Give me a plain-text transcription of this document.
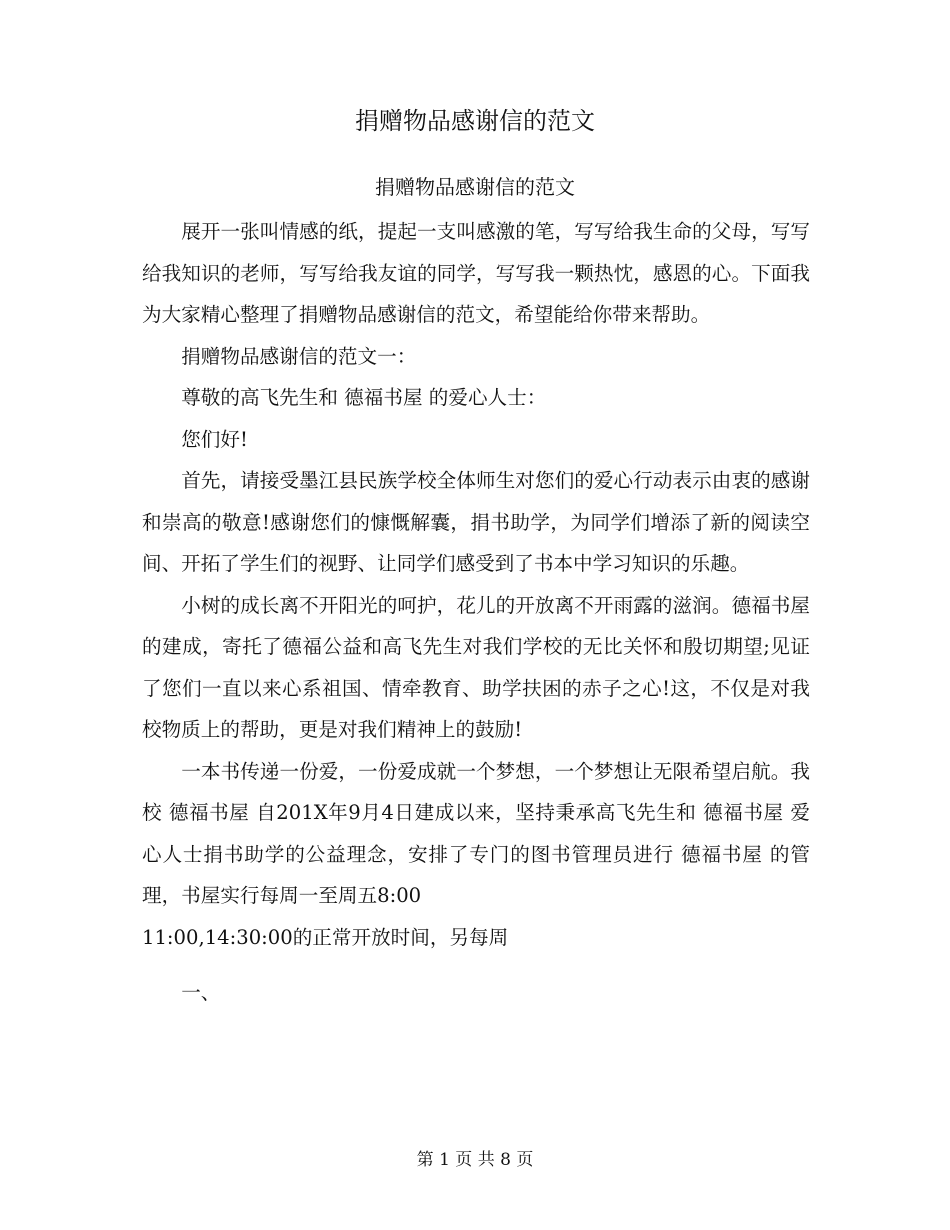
捐赠物品感谢信的范文
捐赠物品感谢信的范文

展开一张叫情感的纸，提起一支叫感激的笔，写写给我生命的父母，写写给我知识的老师，写写给我友谊的同学，写写我一颗热忱，感恩的心。下面我为大家精心整理了捐赠物品感谢信的范文，希望能给你带来帮助。

捐赠物品感谢信的范文一：

尊敬的高飞先生和 德福书屋 的爱心人士：

您们好!

首先，请接受墨江县民族学校全体师生对您们的爱心行动表示由衷的感谢和崇高的敬意!感谢您们的慷慨解囊，捐书助学，为同学们增添了新的阅读空间、开拓了学生们的视野、让同学们感受到了书本中学习知识的乐趣。

小树的成长离不开阳光的呵护，花儿的开放离不开雨露的滋润。德福书屋 的建成，寄托了德福公益和高飞先生对我们学校的无比关怀和殷切期望;见证了您们一直以来心系祖国、情牵教育、助学扶困的赤子之心!这，不仅是对我校物质上的帮助，更是对我们精神上的鼓励!

一本书传递一份爱，一份爱成就一个梦想，一个梦想让无限希望启航。我校 德福书屋 自201X年9月4日建成以来，坚持秉承高飞先生和 德福书屋 爱心人士捐书助学的公益理念，安排了专门的图书管理员进行 德福书屋 的管理，书屋实行每周一至周五8:00

11:00,14:30:00的正常开放时间，另每周

一、

第 1 页 共 8 页
